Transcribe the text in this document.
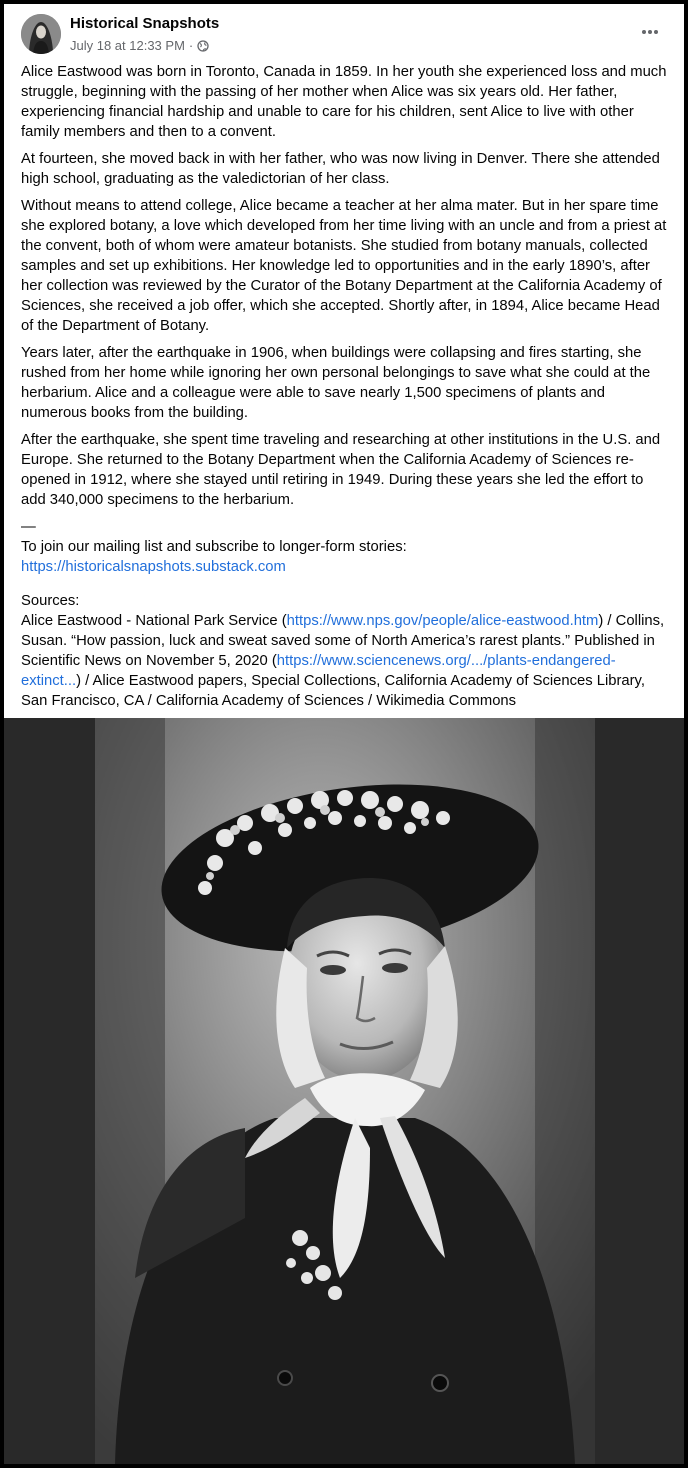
Historical Snapshots
July 18 at 12:33 PM ·

Alice Eastwood was born in Toronto, Canada in 1859. In her youth she experienced loss and much struggle, beginning with the passing of her mother when Alice was six years old. Her father, experiencing financial hardship and unable to care for his children, sent Alice to live with other family members and then to a convent.

At fourteen, she moved back in with her father, who was now living in Denver. There she attended high school, graduating as the valedictorian of her class.

Without means to attend college, Alice became a teacher at her alma mater. But in her spare time she explored botany, a love which developed from her time living with an uncle and from a priest at the convent, both of whom were amateur botanists. She studied from botany manuals, collected samples and set up exhibitions. Her knowledge led to opportunities and in the early 1890’s, after her collection was reviewed by the Curator of the Botany Department at the California Academy of Sciences, she received a job offer, which she accepted. Shortly after, in 1894, Alice became Head of the Department of Botany.

Years later, after the earthquake in 1906, when buildings were collapsing and fires starting, she rushed from her home while ignoring her own personal belongings to save what she could at the herbarium. Alice and a colleague were able to save nearly 1,500 specimens of plants and numerous books from the building.

After the earthquake, she spent time traveling and researching at other institutions in the U.S. and Europe. She returned to the Botany Department when the California Academy of Sciences re-opened in 1912, where she stayed until retiring in 1949. During these years she led the effort to add 340,000 specimens to the herbarium.

—
To join our mailing list and subscribe to longer-form stories:
https://historicalsnapshots.substack.com
Sources:
Alice Eastwood - National Park Service (https://www.nps.gov/people/alice-eastwood.htm) / Collins, Susan. “How passion, luck and sweat saved some of North America’s rarest plants.” Published in Scientific News on November 5, 2020 (https://www.sciencenews.org/.../plants-endangered-extinct...) / Alice Eastwood papers, Special Collections, California Academy of Sciences Library, San Francisco, CA / California Academy of Sciences / Wikimedia Commons
